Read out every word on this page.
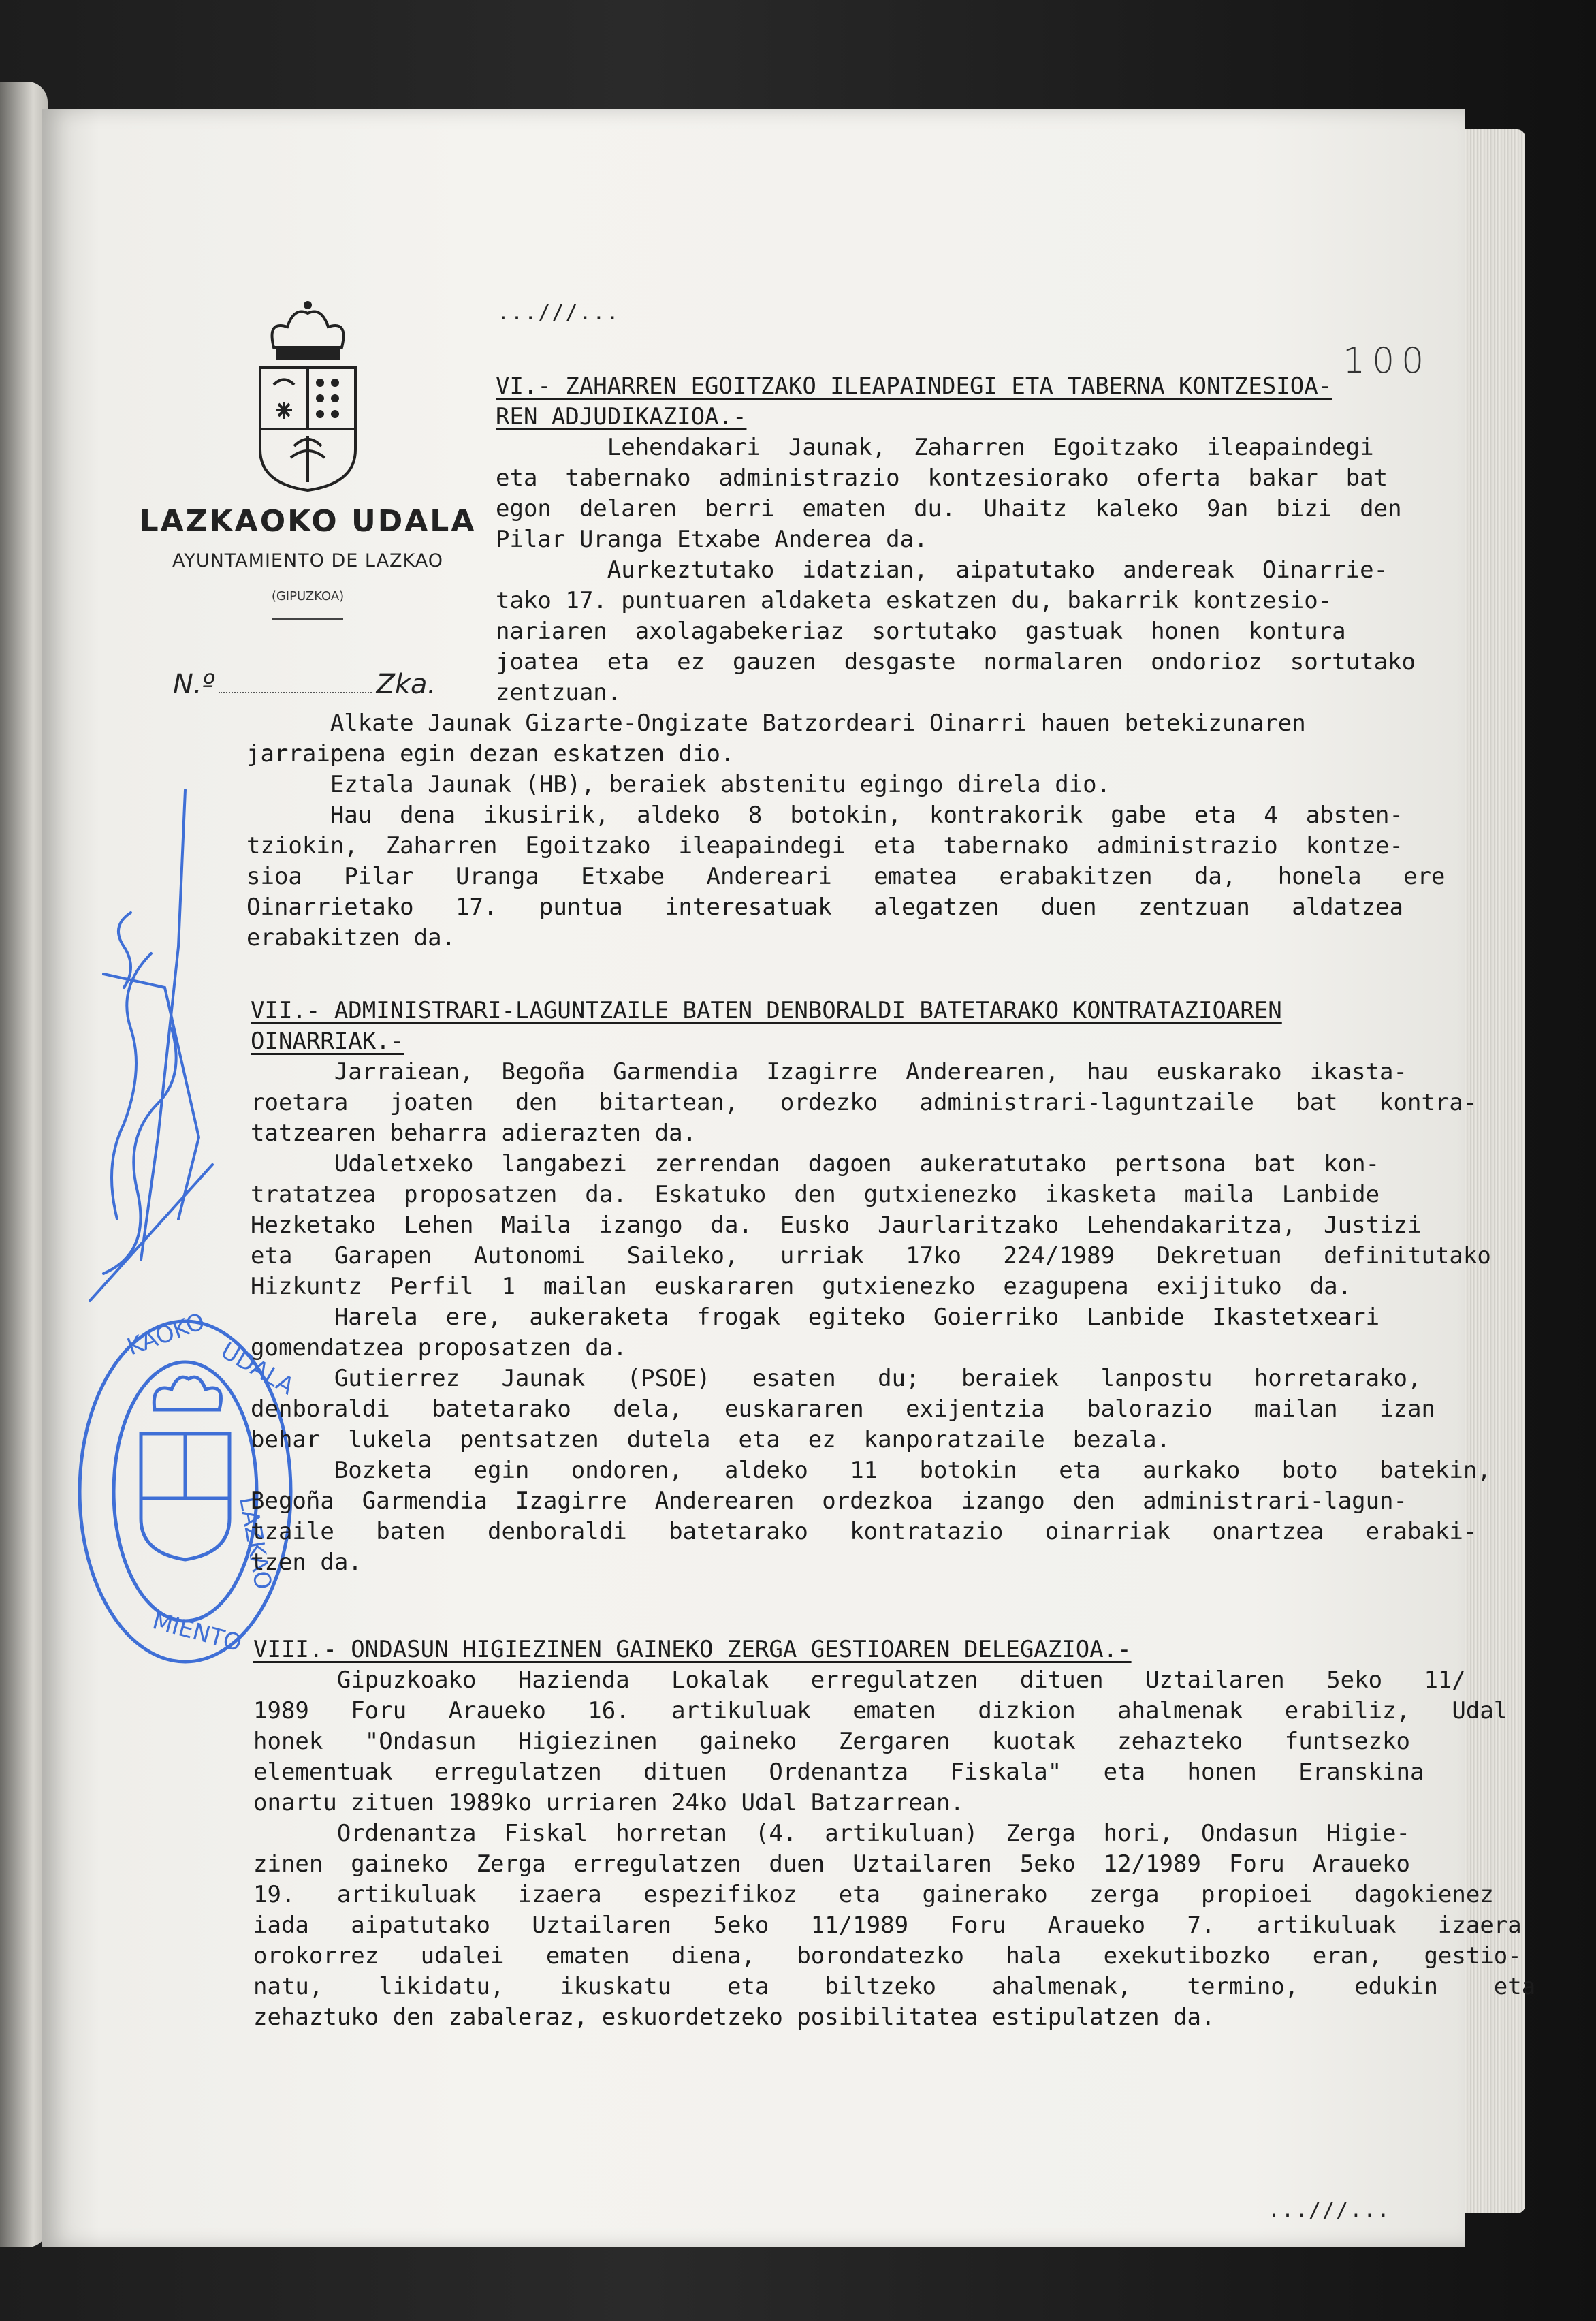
100
LAZKAOKO UDALA
AYUNTAMIENTO DE LAZKAO
(GIPUZKOA)
N.º	Zka.
KAOKO
UDALA
LAZKAO
MIENTO
...///...
VI.- ZAHARREN EGOITZAKO ILEAPAINDEGI ETA TABERNA KONTZESIOA-
REN ADJUDIKAZIOA.-
Lehendakari  Jaunak,  Zaharren  Egoitzako  ileapaindegi
eta  tabernako  administrazio  kontzesiorako  oferta  bakar  bat
egon  delaren  berri  ematen  du.  Uhaitz  kaleko  9an  bizi  den
Pilar Uranga Etxabe Anderea da.
Aurkeztutako  idatzian,  aipatutako  andereak  Oinarrie-
tako 17. puntuaren aldaketa eskatzen du, bakarrik kontzesio-
nariaren  axolagabekeriaz  sortutako  gastuak  honen  kontura
joatea  eta  ez  gauzen  desgaste  normalaren  ondorioz  sortutako
zentzuan.
Alkate Jaunak Gizarte-Ongizate Batzordeari Oinarri hauen betekizunaren
jarraipena egin dezan eskatzen dio.
Eztala Jaunak (HB), beraiek abstenitu egingo direla dio.
Hau  dena  ikusirik,  aldeko  8  botokin,  kontrakorik  gabe  eta  4  absten-
tziokin,  Zaharren  Egoitzako  ileapaindegi  eta  tabernako  administrazio  kontze-
sioa   Pilar   Uranga   Etxabe   Andereari   ematea   erabakitzen   da,   honela   ere
Oinarrietako   17.   puntua   interesatuak   alegatzen   duen   zentzuan   aldatzea
erabakitzen da.
VII.- ADMINISTRARI-LAGUNTZAILE BATEN DENBORALDI BATETARAKO KONTRATAZIOAREN
OINARRIAK.-
Jarraiean,  Begoña  Garmendia  Izagirre  Anderearen,  hau  euskarako  ikasta-
roetara   joaten   den   bitartean,   ordezko   administrari-laguntzaile   bat   kontra-
tatzearen beharra adierazten da.
Udaletxeko  langabezi  zerrendan  dagoen  aukeratutako  pertsona  bat  kon-
tratatzea  proposatzen  da.  Eskatuko  den  gutxienezko  ikasketa  maila  Lanbide
Hezketako  Lehen  Maila  izango  da.  Eusko  Jaurlaritzako  Lehendakaritza,  Justizi
eta   Garapen   Autonomi   Saileko,   urriak   17ko   224/1989   Dekretuan   definitutako
Hizkuntz  Perfil  1  mailan  euskararen  gutxienezko  ezagupena  exijituko  da.
Harela  ere,  aukeraketa  frogak  egiteko  Goierriko  Lanbide  Ikastetxeari
gomendatzea proposatzen da.
Gutierrez   Jaunak   (PSOE)   esaten   du;   beraiek   lanpostu   horretarako,
denboraldi   batetarako   dela,   euskararen   exijentzia   balorazio   mailan   izan
behar  lukela  pentsatzen  dutela  eta  ez  kanporatzaile  bezala.
Bozketa   egin   ondoren,   aldeko   11   botokin   eta   aurkako   boto   batekin,
Begoña  Garmendia  Izagirre  Anderearen  ordezkoa  izango  den  administrari-lagun-
tzaile   baten   denboraldi   batetarako   kontratazio   oinarriak   onartzea   erabaki-
tzen da.
VIII.- ONDASUN HIGIEZINEN GAINEKO ZERGA GESTIOAREN DELEGAZIOA.-
Gipuzkoako   Hazienda   Lokalak   erregulatzen   dituen   Uztailaren   5eko   11/
1989   Foru   Araueko   16.   artikuluak   ematen   dizkion   ahalmenak   erabiliz,   Udal
honek   "Ondasun   Higiezinen   gaineko   Zergaren   kuotak   zehazteko   funtsezko
elementuak   erregulatzen   dituen   Ordenantza   Fiskala"   eta   honen   Eranskina
onartu zituen 1989ko urriaren 24ko Udal Batzarrean.
Ordenantza  Fiskal  horretan  (4.  artikuluan)  Zerga  hori,  Ondasun  Higie-
zinen  gaineko  Zerga  erregulatzen  duen  Uztailaren  5eko  12/1989  Foru  Araueko
19.   artikuluak   izaera   espezifikoz   eta   gainerako   zerga   propioei   dagokienez
iada   aipatutako   Uztailaren   5eko   11/1989   Foru   Araueko   7.   artikuluak   izaera
orokorrez   udalei   ematen   diena,   borondatezko   hala   exekutibozko   eran,   gestio-
natu,    likidatu,    ikuskatu    eta    biltzeko    ahalmenak,    termino,    edukin    eta
zehaztuko den zabaleraz, eskuordetzeko posibilitatea estipulatzen da.
...///...
